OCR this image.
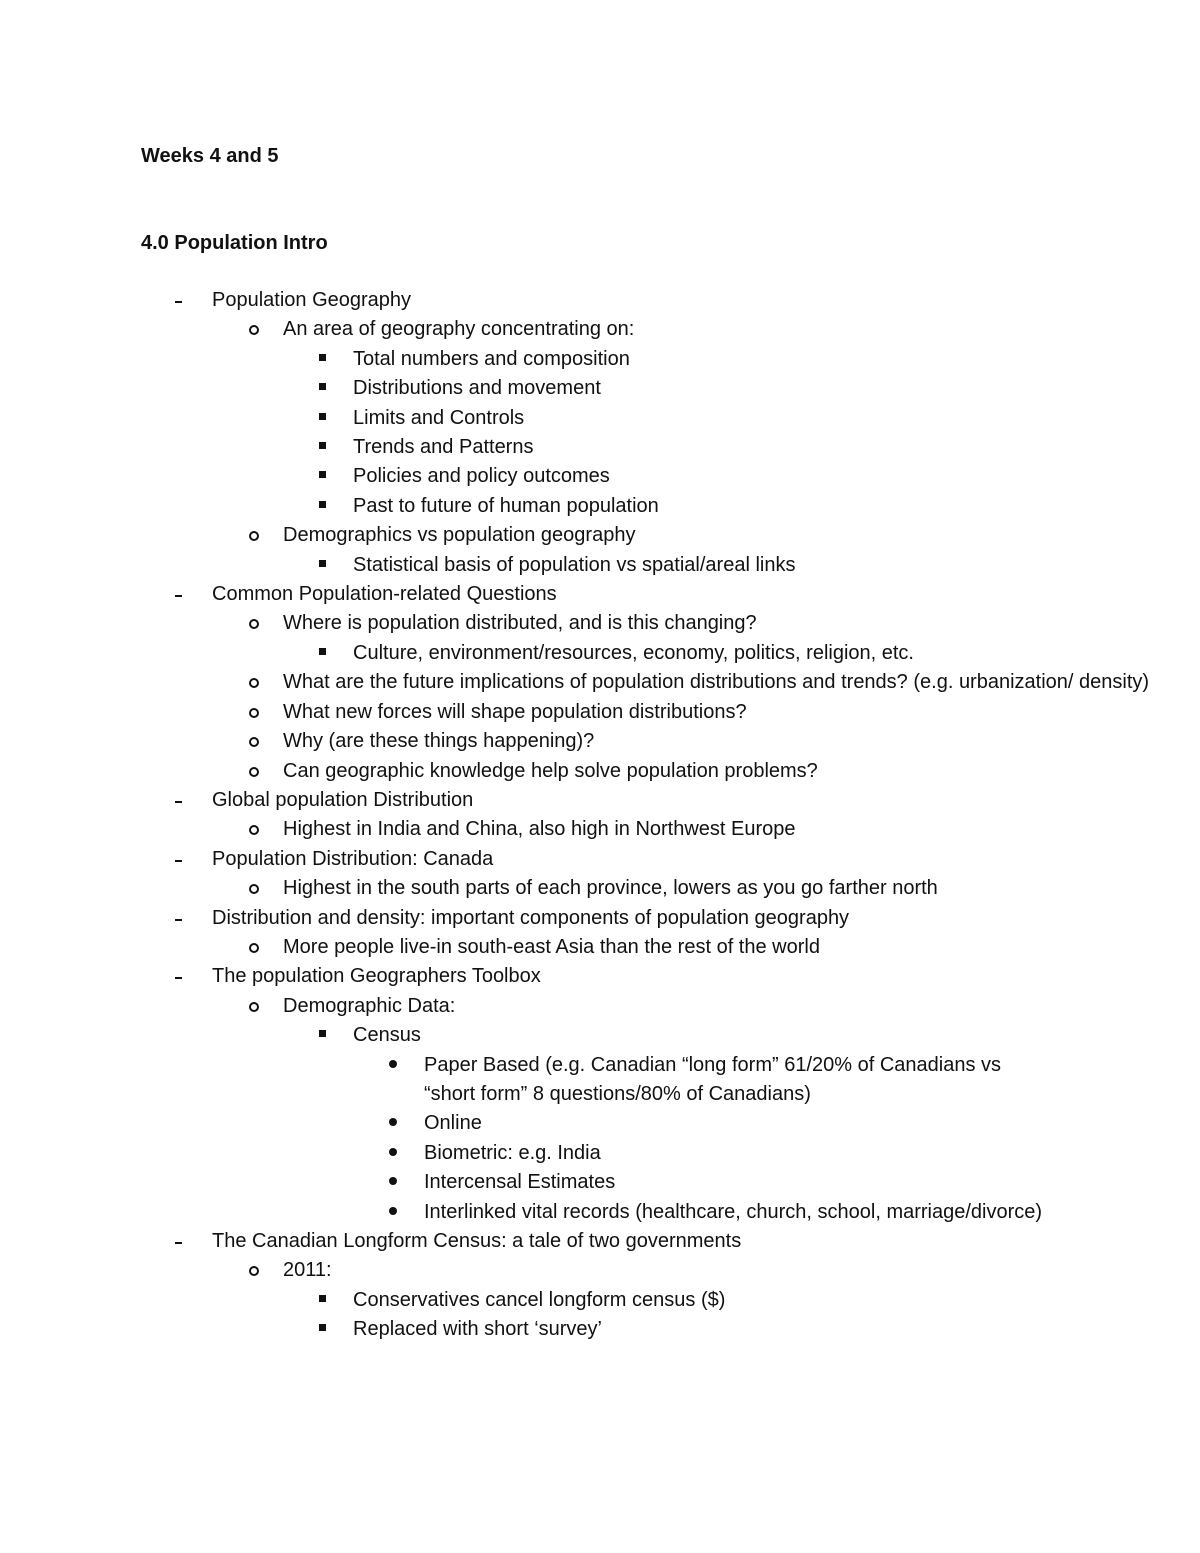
Weeks 4 and 5
4.0 Population Intro
Population Geography
An area of geography concentrating on:
Total numbers and composition
Distributions and movement
Limits and Controls
Trends and Patterns
Policies and policy outcomes
Past to future of human population
Demographics vs population geography
Statistical basis of population vs spatial/areal links
Common Population-related Questions
Where is population distributed, and is this changing?
Culture, environment/resources, economy, politics, religion, etc.
What are the future implications of population distributions and trends? (e.g. urbanization/ density)
What new forces will shape population distributions?
Why (are these things happening)?
Can geographic knowledge help solve population problems?
Global population Distribution
Highest in India and China, also high in Northwest Europe
Population Distribution: Canada
Highest in the south parts of each province, lowers as you go farther north
Distribution and density: important components of population geography
More people live-in south-east Asia than the rest of the world
The population Geographers Toolbox
Demographic Data:
Census
Paper Based (e.g. Canadian “long form” 61/20% of Canadians vs “short form” 8 questions/80% of Canadians)
Online
Biometric: e.g. India
Intercensal Estimates
Interlinked vital records (healthcare, church, school, marriage/divorce)
The Canadian Longform Census: a tale of two governments
2011:
Conservatives cancel longform census ($)
Replaced with short ‘survey’
